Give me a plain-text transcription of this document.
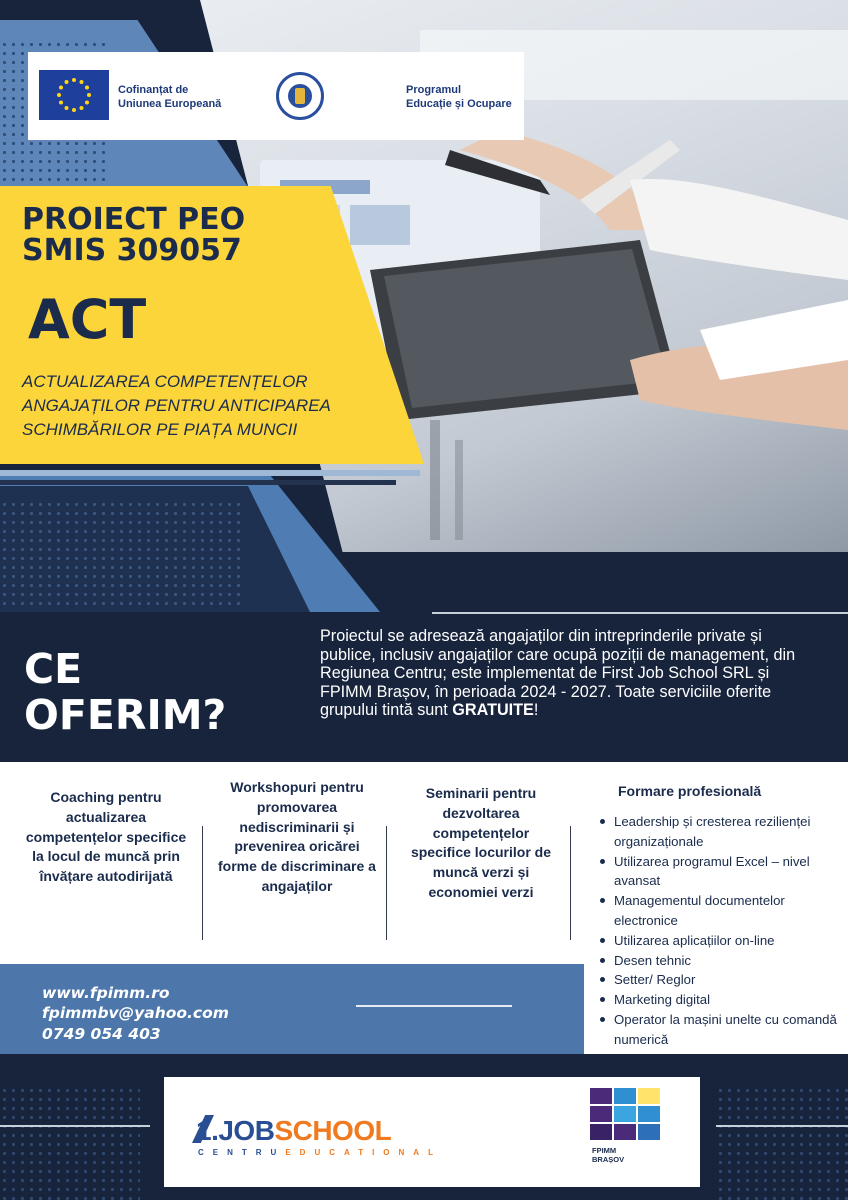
Cofinanțat de
Uniunea Europeană
Programul
Educație și Ocupare
PROIECT PEO
SMIS 309057
ACT
ACTUALIZAREA COMPETENȚELOR ANGAJAȚILOR PENTRU ANTICIPAREA SCHIMBĂRILOR PE PIAȚA MUNCII
CE
OFERIM?
Proiectul se adresează angajaților din intreprinderile private și publice, inclusiv angajaților care ocupă poziții de management, din Regiunea Centru; este implementat de First Job School SRL și FPIMM Brașov, în perioada 2024 - 2027. Toate serviciile oferite grupului tintă sunt GRATUITE!
Coaching pentru actualizarea competențelor specifice la locul de muncă prin învățare autodirijată
Workshopuri pentru promovarea nediscriminarii și prevenirea oricărei forme de discriminare a angajaților
Seminarii pentru dezvoltarea competențelor specifice locurilor de muncă verzi și economiei verzi
www.fpimm.ro
fpimmbv@yahoo.com
0749 054 403
Formare profesională
Leadership și cresterea rezilienței organizaționale
Utilizarea programul Excel – nivel avansat
Managementul documentelor electronice
Utilizarea aplicațiilor on-line
Desen tehnic
Setter/ Reglor
Marketing digital
Operator la mașini unelte cu comandă numerică
1.JOBSCHOOL
CENTRUEDUCATIONAL	FPIMM
BRAȘOV
